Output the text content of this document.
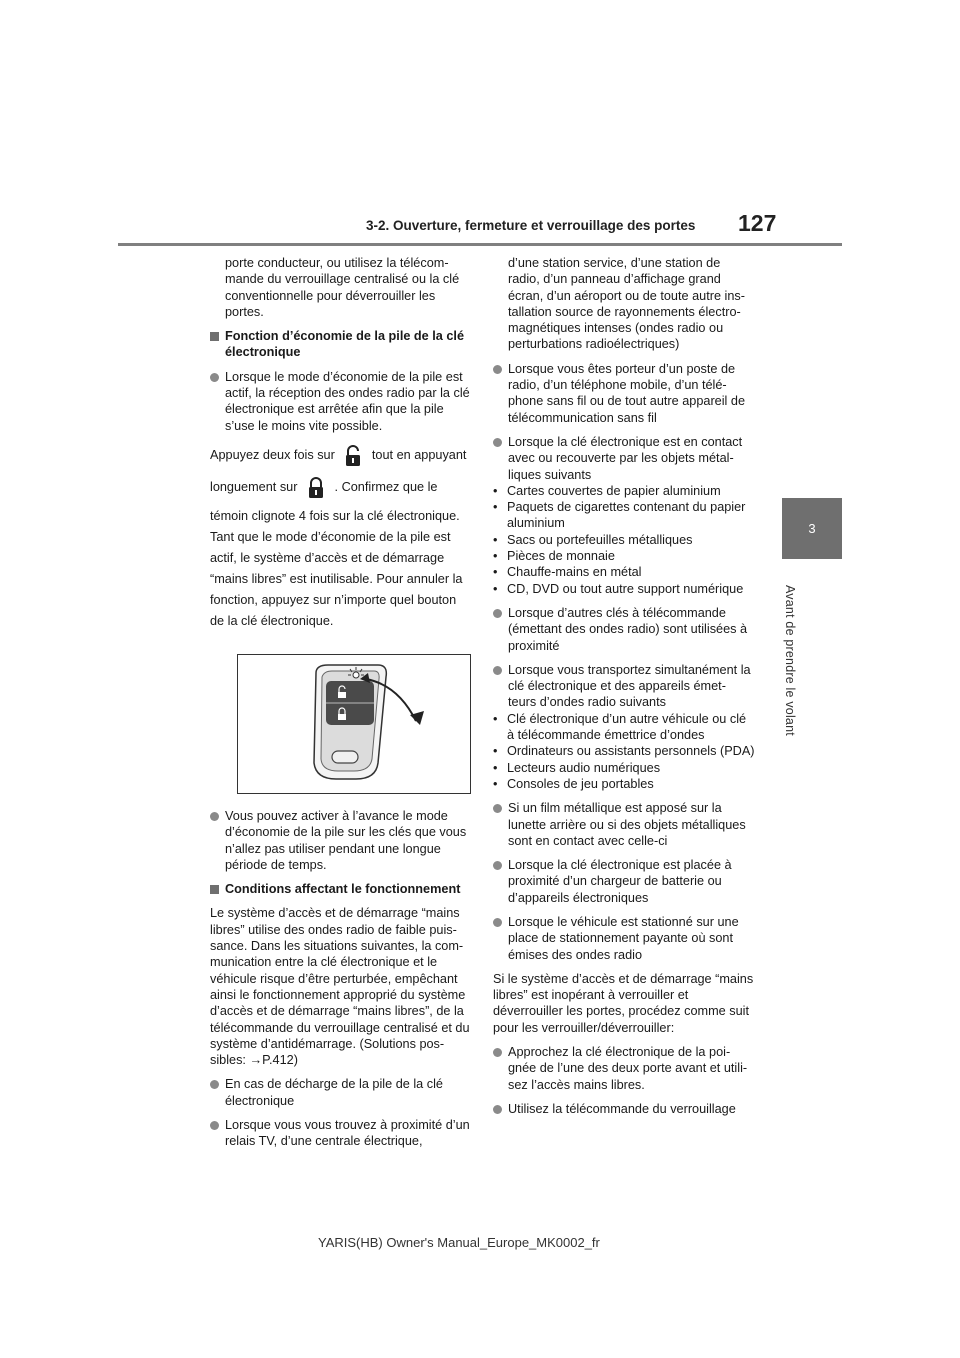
3-2. Ouverture, fermeture et verrouillage des portes 127
3
Avant de prendre le volant

porte conducteur, ou utilisez la télécom- mande du verrouillage centralisé ou la clé conventionnelle pour déverrouiller les portes.

Fonction d’économie de la pile de la clé électronique
Lorsque le mode d’économie de la pile est actif, la réception des ondes radio par la clé électronique est arrêtée afin que la pile s’use le moins vite possible.
Appuyez deux fois sur	tout en appuyant
longuement sur	. Confirmez que le
témoin clignote 4 fois sur la clé électronique.
Tant que le mode d’économie de la pile est
actif, le système d’accès et de démarrage
“mains libres” est inutilisable. Pour annuler la
fonction, appuyez sur n’importe quel bouton
de la clé électronique.
Vous pouvez activer à l’avance le mode d’économie de la pile sur les clés que vous n’allez pas utiliser pendant une longue période de temps.
Conditions affectant le fonctionnement

Le système d’accès et de démarrage “mains libres” utilise des ondes radio de faible puis- sance. Dans les situations suivantes, la com- munication entre la clé électronique et le véhicule risque d’être perturbée, empêchant ainsi le fonctionnement approprié du système d’accès et de démarrage “mains libres”, de la télécommande du verrouillage centralisé et du système d’antidémarrage. (Solutions pos- sibles: →P.412)

En cas de décharge de la pile de la clé électronique
Lorsque vous vous trouvez à proximité d’un relais TV, d’une centrale électrique,

d’une station service, d’une station de radio, d’un panneau d’affichage grand écran, d’un aéroport ou de toute autre ins- tallation source de rayonnements électro- magnétiques intenses (ondes radio ou perturbations radioélectriques)

Lorsque vous êtes porteur d’un poste de radio, d’un téléphone mobile, d’un télé- phone sans fil ou de tout autre appareil de télécommunication sans fil
Lorsque la clé électronique est en contact avec ou recouverte par les objets métal- liques suivants
• Cartes couvertes de papier aluminium
• Paquets de cigarettes contenant du papier aluminium
• Sacs ou portefeuilles métalliques
• Pièces de monnaie
• Chauffe-mains en métal
• CD, DVD ou tout autre support numérique
Lorsque d’autres clés à télécommande (émettant des ondes radio) sont utilisées à proximité
Lorsque vous transportez simultanément la clé électronique et des appareils émet- teurs d’ondes radio suivants
• Clé électronique d’un autre véhicule ou clé à télécommande émettrice d’ondes
• Ordinateurs ou assistants personnels (PDA)
• Lecteurs audio numériques
• Consoles de jeu portables
Si un film métallique est apposé sur la lunette arrière ou si des objets métalliques sont en contact avec celle-ci
Lorsque la clé électronique est placée à proximité d’un chargeur de batterie ou d’appareils électroniques
Lorsque le véhicule est stationné sur une place de stationnement payante où sont émises des ondes radio

Si le système d’accès et de démarrage “mains libres” est inopérant à verrouiller et déverrouiller les portes, procédez comme suit pour les verrouiller/déverrouiller:

Approchez la clé électronique de la poi- gnée de l’une des deux porte avant et utili- sez l’accès mains libres.
Utilisez la télécommande du verrouillage
YARIS(HB) Owner's Manual_Europe_MK0002_fr
